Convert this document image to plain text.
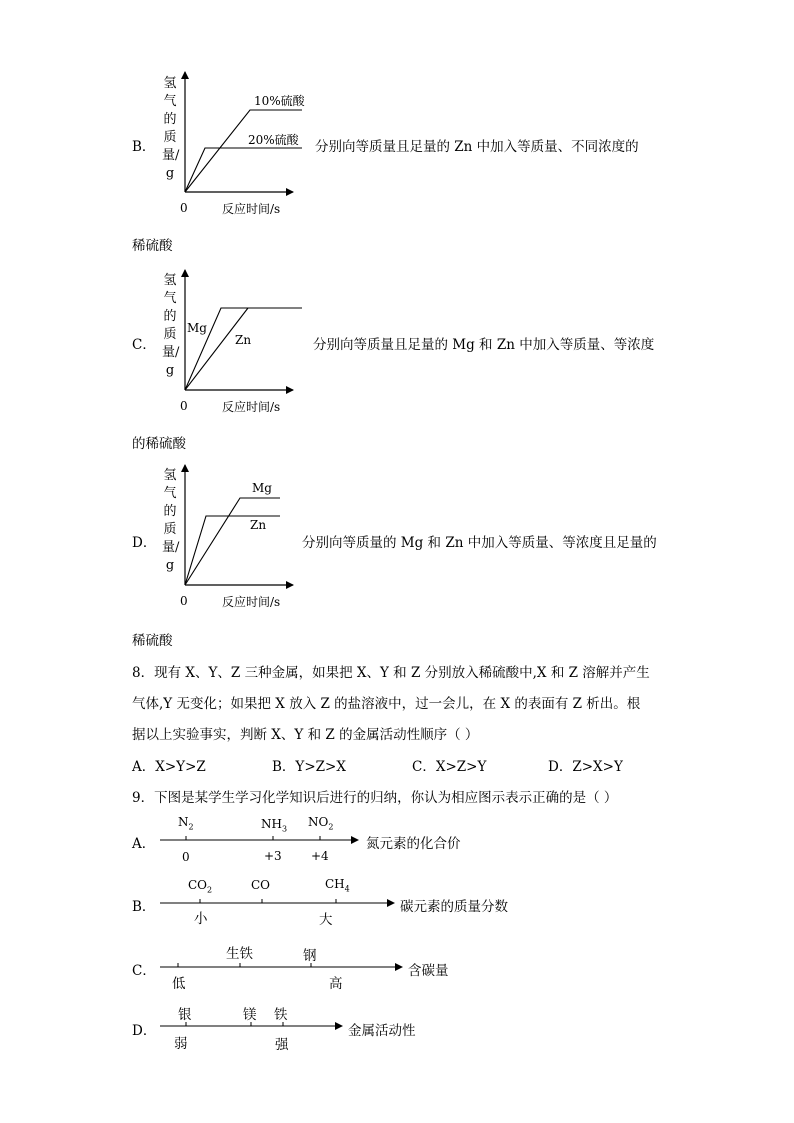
B．
氢气的质量/g
10%硫酸
20%硫酸
0	反应时间/s
分别向等质量且足量的 Zn 中加入等质量、不同浓度的
稀硫酸
C．
氢气的质量/g
Mg
Zn
0	反应时间/s
分别向等质量且足量的 Mg 和 Zn 中加入等质量、等浓度
的稀硫酸
D．
氢气的质量/g
Mg
Zn
0	反应时间/s
分别向等质量的 Mg 和 Zn 中加入等质量、等浓度且足量的
稀硫酸
8．现有 X、Y、Z 三种金属，如果把 X、Y 和 Z 分别放入稀硫酸中,X 和 Z 溶解并产生
气体,Y 无变化；如果把 X 放入 Z 的盐溶液中，过一会儿，在 X 的表面有 Z 析出。根
据以上实验事实，判断 X、Y 和 Z 的金属活动性顺序（ ）
A．X>Y>Z	B．Y>Z>X	C．X>Z>Y	D．Z>X>Y
9．下图是某学生学习化学知识后进行的归纳，你认为相应图示表示正确的是（ ）
A．
$N_2$	$NH_3$ $NO_2$
0	+3 +4
氮元素的化合价
B．
$CO_2$	CO	$CH_4$
小	大
碳元素的质量分数
C．
生铁	钢
低	高
含碳量
D．
银	镁 铁
弱	强
金属活动性
